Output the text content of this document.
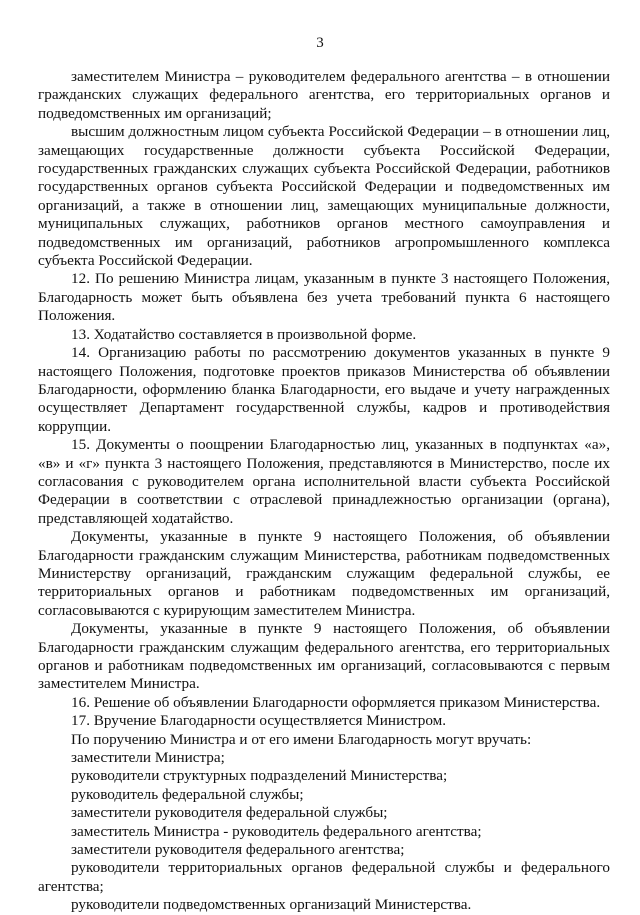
3

заместителем Министра – руководителем федерального агентства – в отношении гражданских служащих федерального агентства, его территориальных органов и подведомственных им организаций;

высшим должностным лицом субъекта Российской Федерации – в отношении лиц, замещающих государственные должности субъекта Российской Федерации, государственных гражданских служащих субъекта Российской Федерации, работников государственных органов субъекта Российской Федерации и подведомственных им организаций, а также в отношении лиц, замещающих муниципальные должности, муниципальных служащих, работников органов местного самоуправления и подведомственных им организаций, работников агропромышленного комплекса субъекта Российской Федерации.

12. По решению Министра лицам, указанным в пункте 3 настоящего Положения, Благодарность может быть объявлена без учета требований пункта 6 настоящего Положения.

13. Ходатайство составляется в произвольной форме.

14. Организацию работы по рассмотрению документов указанных в пункте 9 настоящего Положения, подготовке проектов приказов Министерства об объявлении Благодарности, оформлению бланка Благодарности, его выдаче и учету награжденных осуществляет Департамент государственной службы, кадров и противодействия коррупции.

15. Документы о поощрении Благодарностью лиц, указанных в подпунктах «а», «в» и «г» пункта 3 настоящего Положения, представляются в Министерство, после их согласования с руководителем органа исполнительной власти субъекта Российской Федерации в соответствии с отраслевой принадлежностью организации (органа), представляющей ходатайство.

Документы, указанные в пункте 9 настоящего Положения, об объявлении Благодарности гражданским служащим Министерства, работникам подведомственных Министерству организаций, гражданским служащим федеральной службы, ее территориальных органов и работникам подведомственных им организаций, согласовываются с курирующим заместителем Министра.

Документы, указанные в пункте 9 настоящего Положения, об объявлении Благодарности гражданским служащим федерального агентства, его территориальных органов и работникам подведомственных им организаций, согласовываются с первым заместителем Министра.

16. Решение об объявлении Благодарности оформляется приказом Министерства.

17. Вручение Благодарности осуществляется Министром.

По поручению Министра и от его имени Благодарность могут вручать:

заместители Министра;

руководители структурных подразделений Министерства;

руководитель федеральной службы;

заместители руководителя федеральной службы;

заместитель Министра - руководитель федерального агентства;

заместители руководителя федерального агентства;

руководители территориальных органов федеральной службы и федерального агентства;

руководители подведомственных организаций Министерства.
